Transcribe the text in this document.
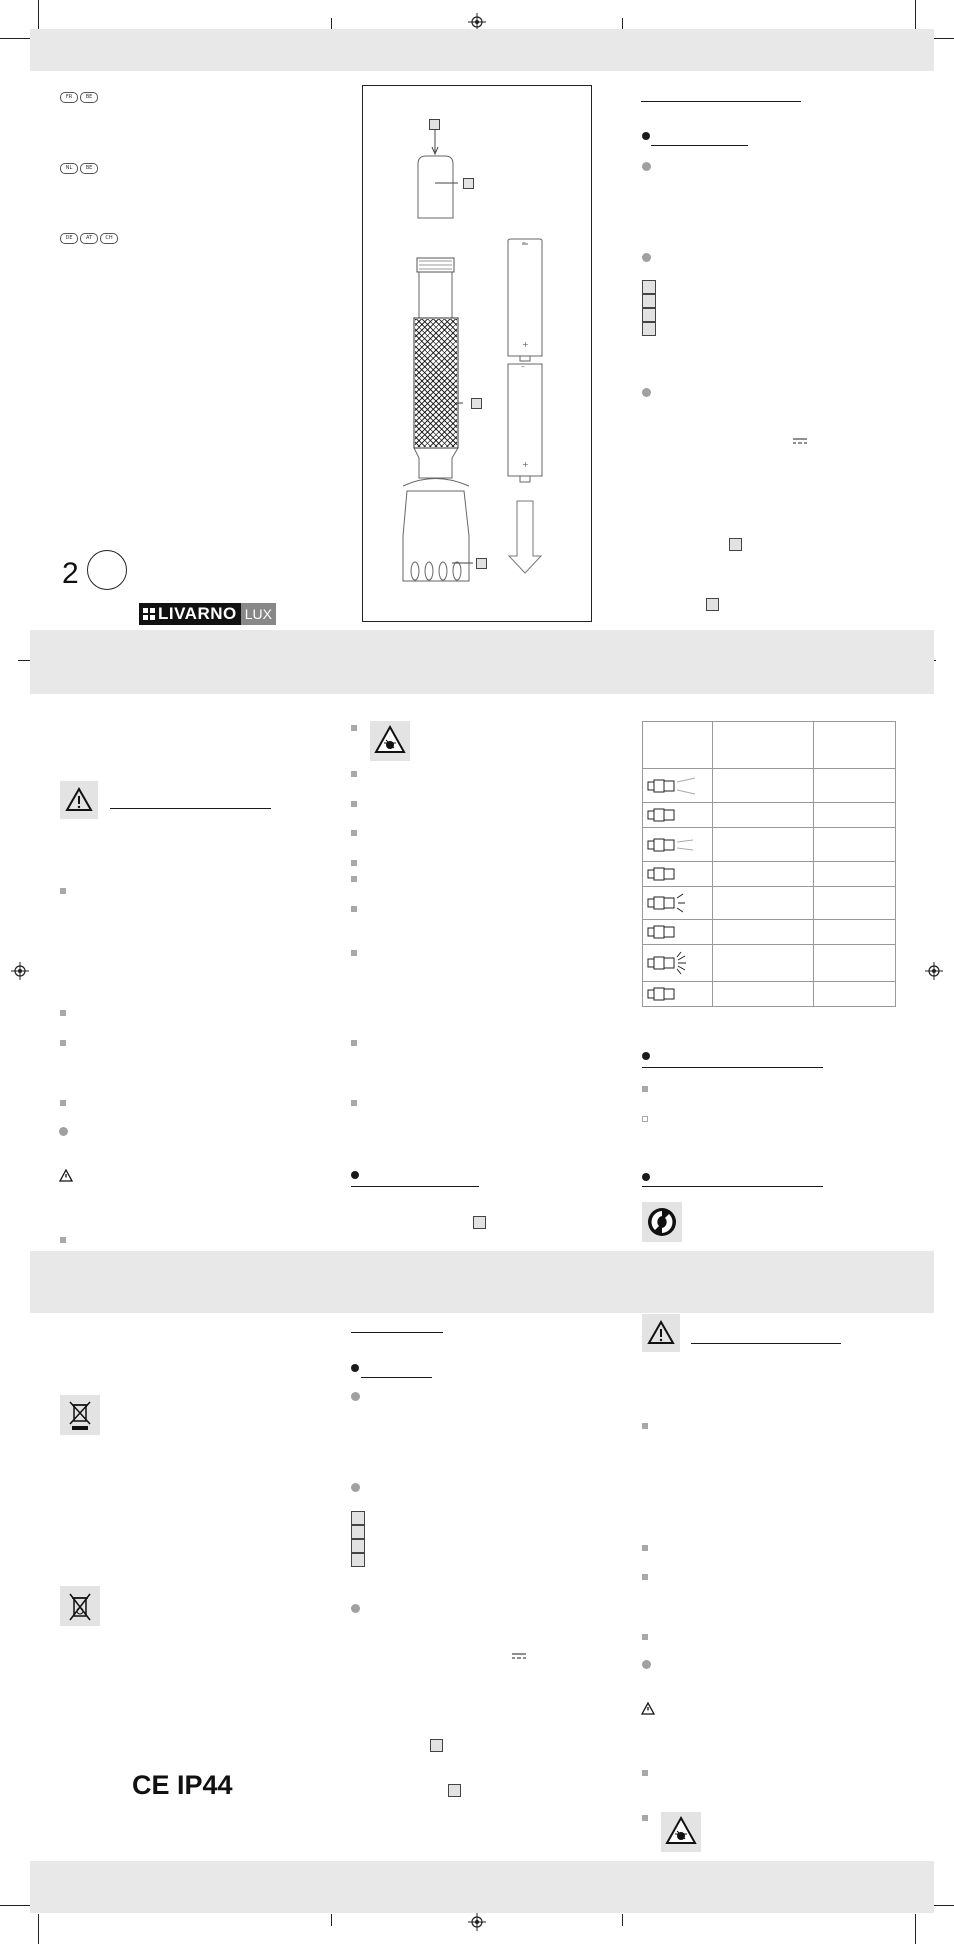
FR	BE
NL	BE
DE	AT	CH
2
LIVARNO LUX
+
–
–
+

CE IP44
